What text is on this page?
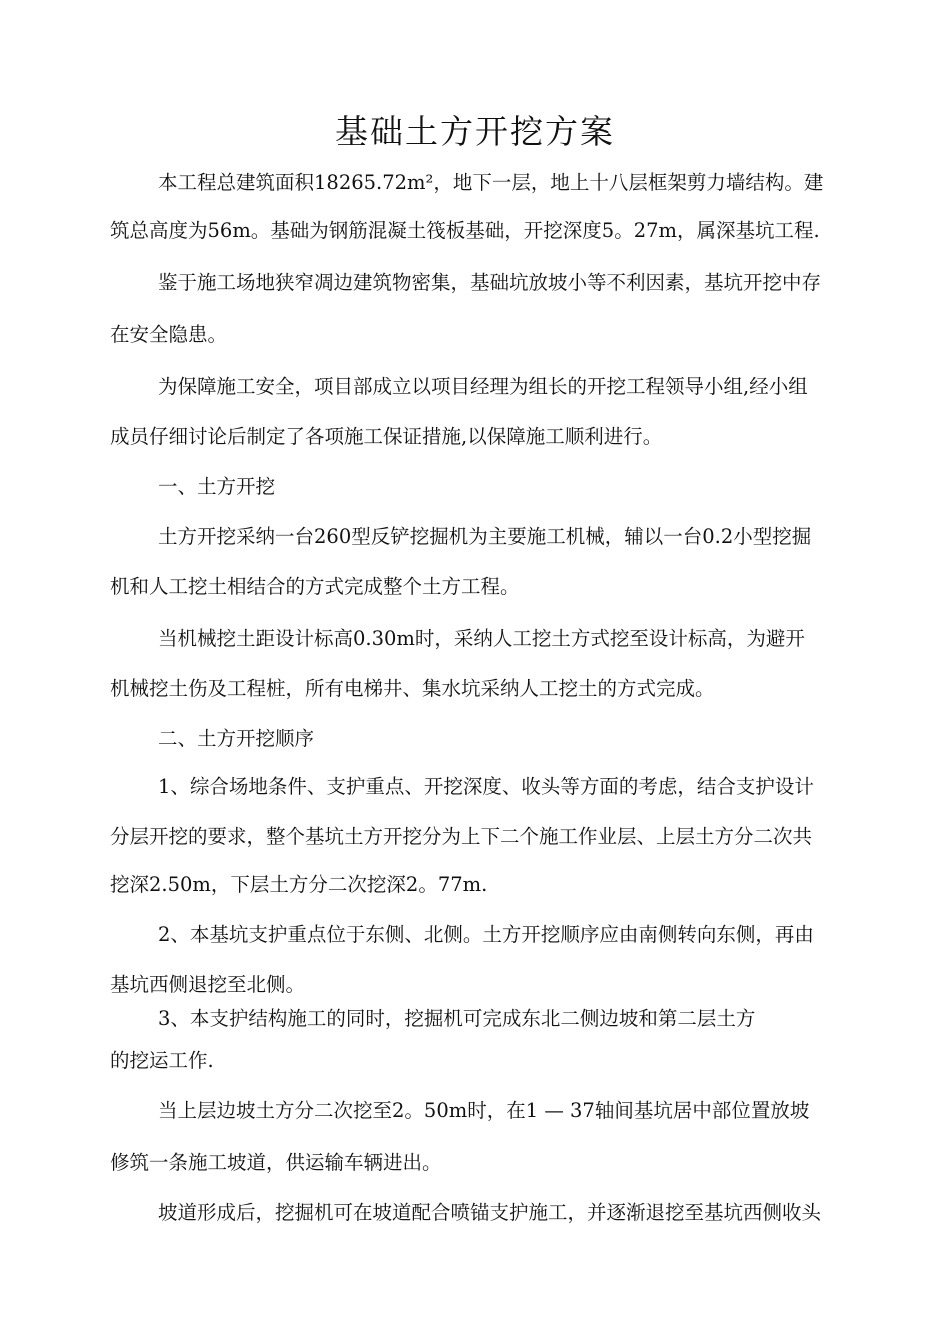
基础土方开挖方案

本工程总建筑面积18265.72m²，地下一层，地上十八层框架剪力墙结构。建

筑总高度为56m。基础为钢筋混凝土筏板基础，开挖深度5。27m，属深基坑工程.

鉴于施工场地狭窄凋边建筑物密集，基础坑放坡小等不利因素，基坑开挖中存

在安全隐患。

为保障施工安全，项目部成立以项目经理为组长的开挖工程领导小组,经小组

成员仔细讨论后制定了各项施工保证措施,以保障施工顺利进行。

一、土方开挖

土方开挖采纳一台260型反铲挖掘机为主要施工机械，辅以一台0.2小型挖掘

机和人工挖土相结合的方式完成整个土方工程。

当机械挖土距设计标高0.30m时，采纳人工挖土方式挖至设计标高，为避开

机械挖土伤及工程桩，所有电梯井、集水坑采纳人工挖土的方式完成。

二、土方开挖顺序

1、综合场地条件、支护重点、开挖深度、收头等方面的考虑，结合支护设计

分层开挖的要求，整个基坑土方开挖分为上下二个施工作业层、上层土方分二次共

挖深2.50m，下层土方分二次挖深2。77m.

2、本基坑支护重点位于东侧、北侧。土方开挖顺序应由南侧转向东侧，再由

基坑西侧退挖至北侧。

3、本支护结构施工的同时，挖掘机可完成东北二侧边坡和第二层土方

的挖运工作.

当上层边坡土方分二次挖至2。50m时，在1 — 37轴间基坑居中部位置放坡

修筑一条施工坡道，供运输车辆进出。

坡道形成后，挖掘机可在坡道配合喷锚支护施工，并逐渐退挖至基坑西侧收头
